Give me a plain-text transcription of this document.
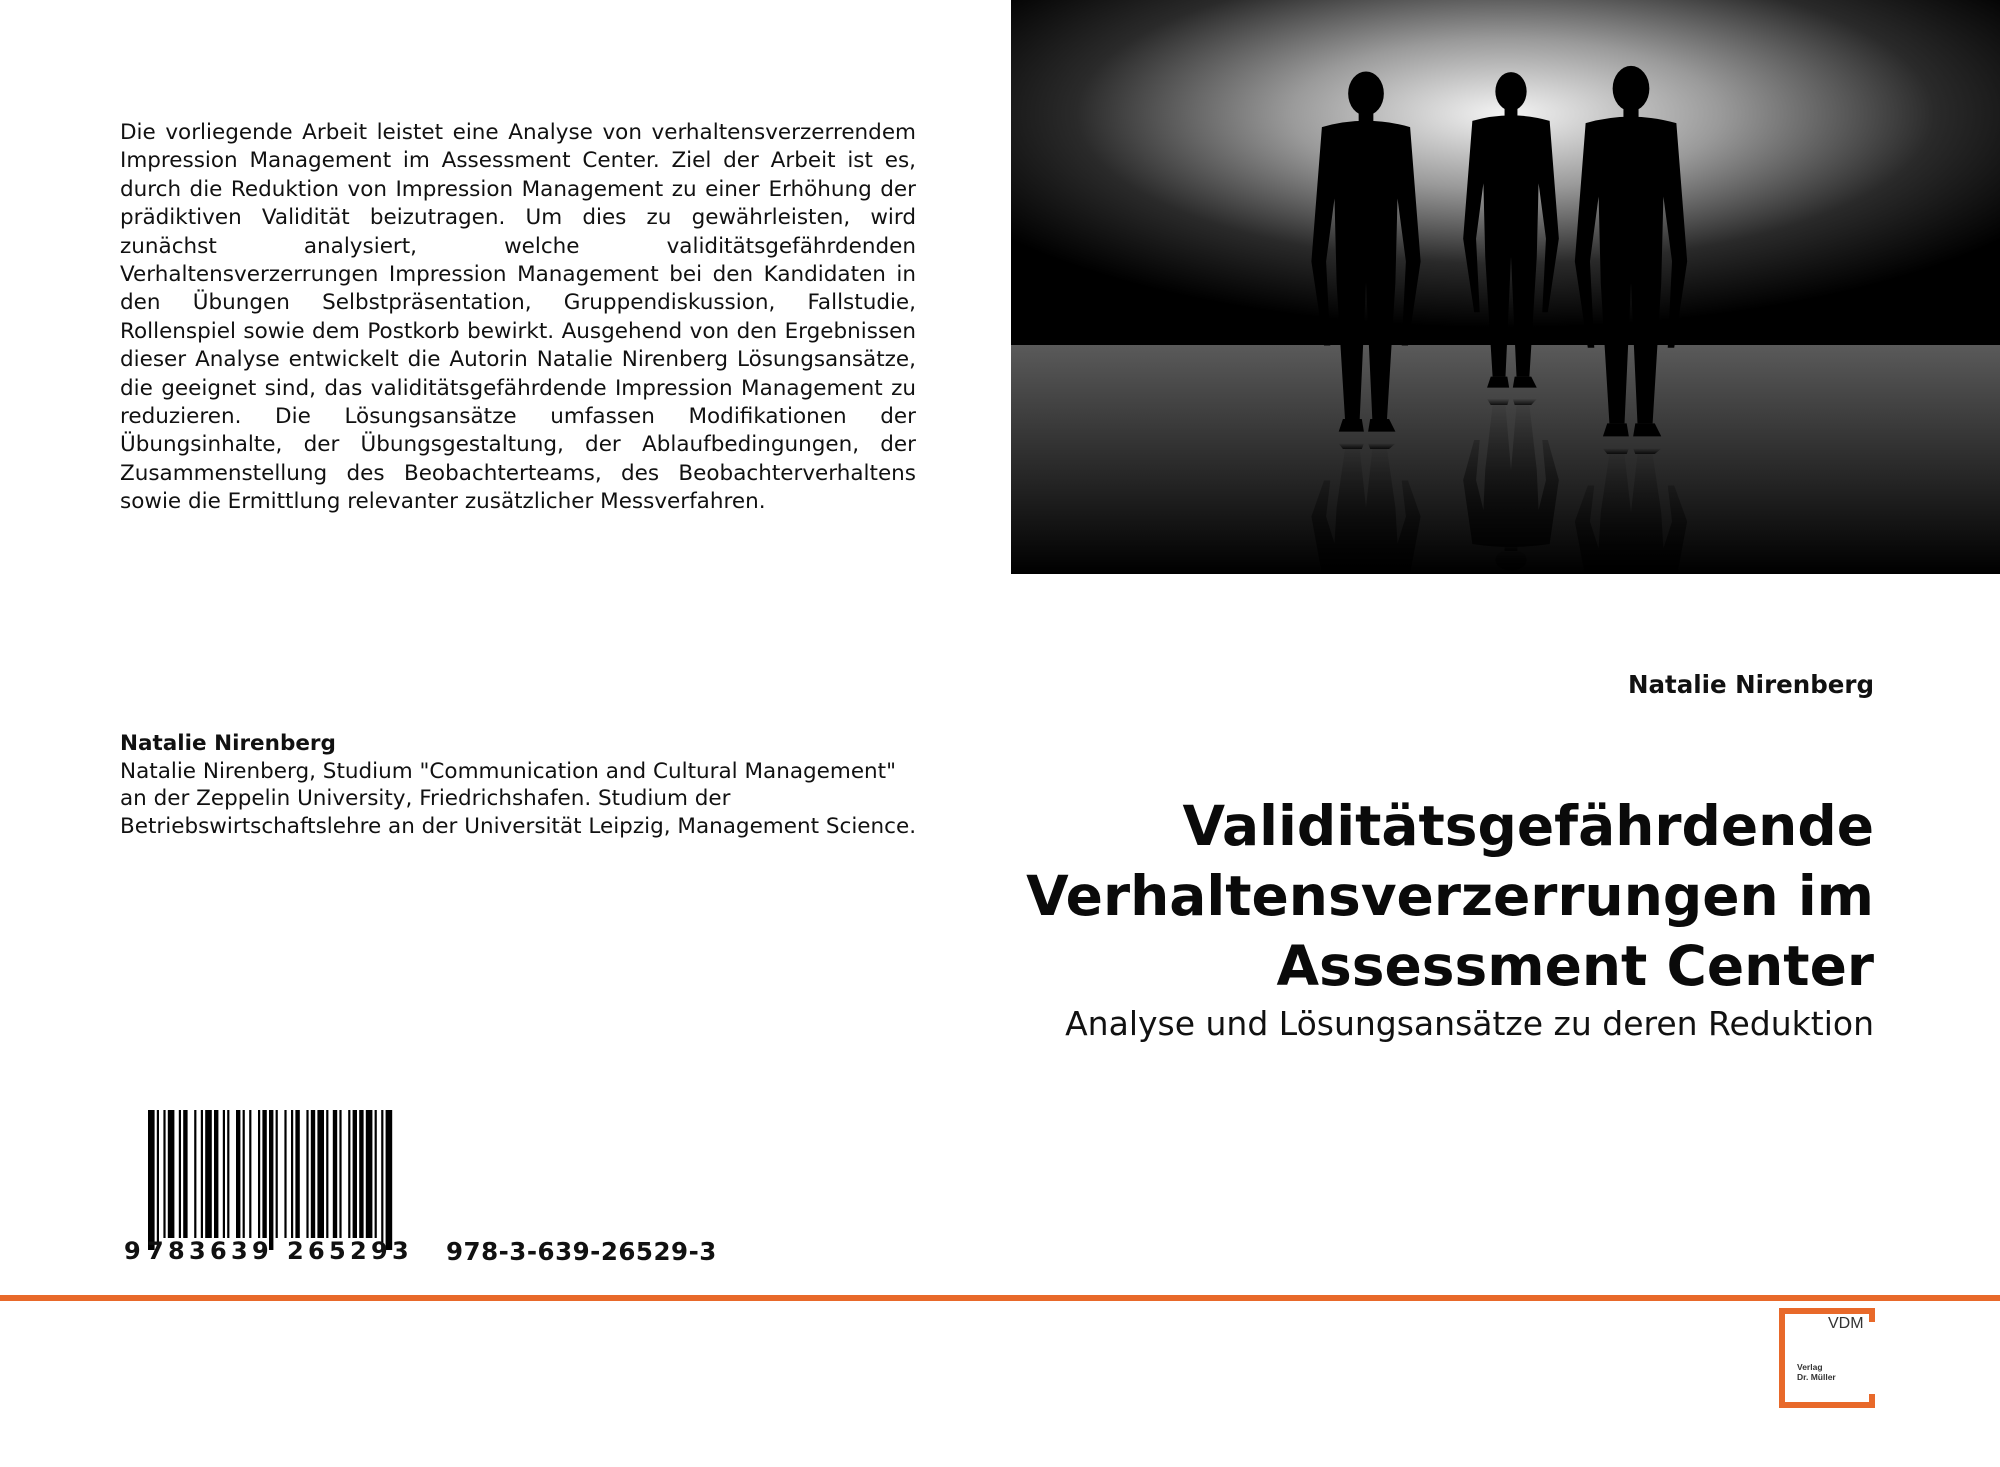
Die vorliegende Arbeit leistet eine Analyse von verhaltensverzerrendem Impression Management im Assessment Center. Ziel der Arbeit ist es, durch die Reduktion von Impression Management zu einer Erhöhung der prädiktiven Validität beizutragen. Um dies zu gewährleisten, wird zunächst analysiert, welche validitätsgefährdenden Verhaltensverzerrungen Impression Management bei den Kandidaten in den Übungen Selbstpräsentation, Gruppendiskussion, Fallstudie, Rollenspiel sowie dem Postkorb bewirkt. Ausgehend von den Ergebnissen dieser Analyse entwickelt die Autorin Natalie Nirenberg Lösungsansätze, die geeignet sind, das validitätsgefährdende Impression Management zu reduzieren. Die Lösungsansätze umfassen Modifikationen der Übungsinhalte, der Übungsgestaltung, der Ablaufbedingungen, der Zusammenstellung des Beobachterteams, des Beobachterverhaltens sowie die Ermittlung relevanter zusätzlicher Messverfahren.
Natalie Nirenberg
Natalie Nirenberg, Studium "Communication and Cultural Management" an der Zeppelin University, Friedrichshafen. Studium der Betriebswirtschaftslehre an der Universität Leipzig, Management Science.
9 7 8 3 6 3 9 2 6 5 2 9 3 978-3-639-26529-3
Natalie Nirenberg
Validitätsgefährdende
Verhaltensverzerrungen im
Assessment Center
Analyse und Lösungsansätze zu deren Reduktion
VDM
Verlag
Dr. Müller
